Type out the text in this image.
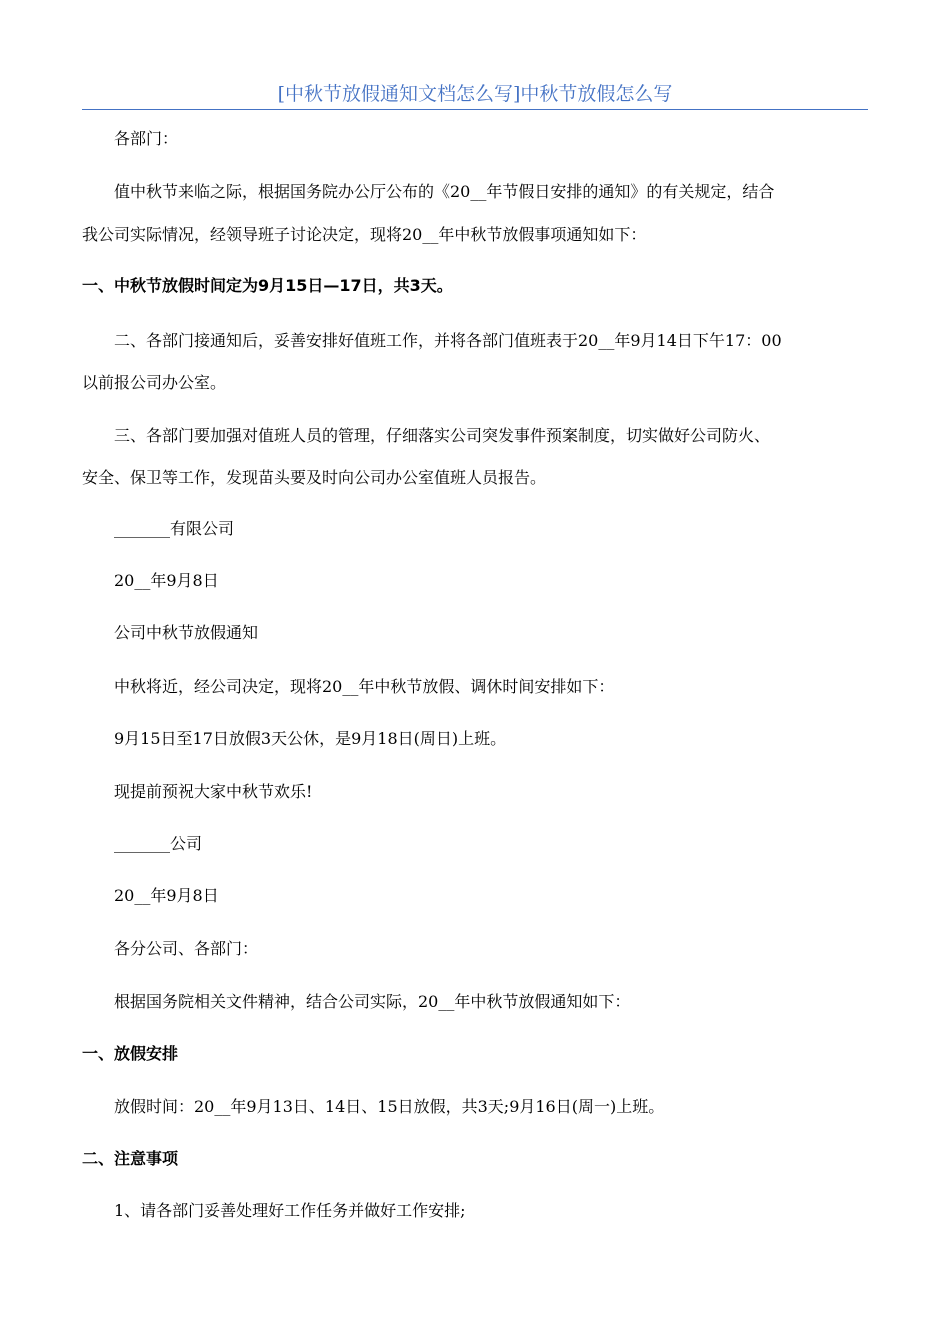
[中秋节放假通知文档怎么写]中秋节放假怎么写
各部门：
值中秋节来临之际，根据国务院办公厅公布的《20__年节假日安排的通知》的有关规定，结合
我公司实际情况，经领导班子讨论决定，现将20__年中秋节放假事项通知如下：
一、中秋节放假时间定为9月15日—17日，共3天。
二、各部门接通知后，妥善安排好值班工作，并将各部门值班表于20__年9月14日下午17：00
以前报公司办公室。
三、各部门要加强对值班人员的管理，仔细落实公司突发事件预案制度，切实做好公司防火、
安全、保卫等工作，发现苗头要及时向公司办公室值班人员报告。
_______有限公司
20__年9月8日
公司中秋节放假通知
中秋将近，经公司决定，现将20__年中秋节放假、调休时间安排如下：
9月15日至17日放假3天公休，是9月18日(周日)上班。
现提前预祝大家中秋节欢乐!
_______公司
20__年9月8日
各分公司、各部门：
根据国务院相关文件精神，结合公司实际，20__年中秋节放假通知如下：
一、放假安排
放假时间：20__年9月13日、14日、15日放假，共3天;9月16日(周一)上班。
二、注意事项
1、请各部门妥善处理好工作任务并做好工作安排;
